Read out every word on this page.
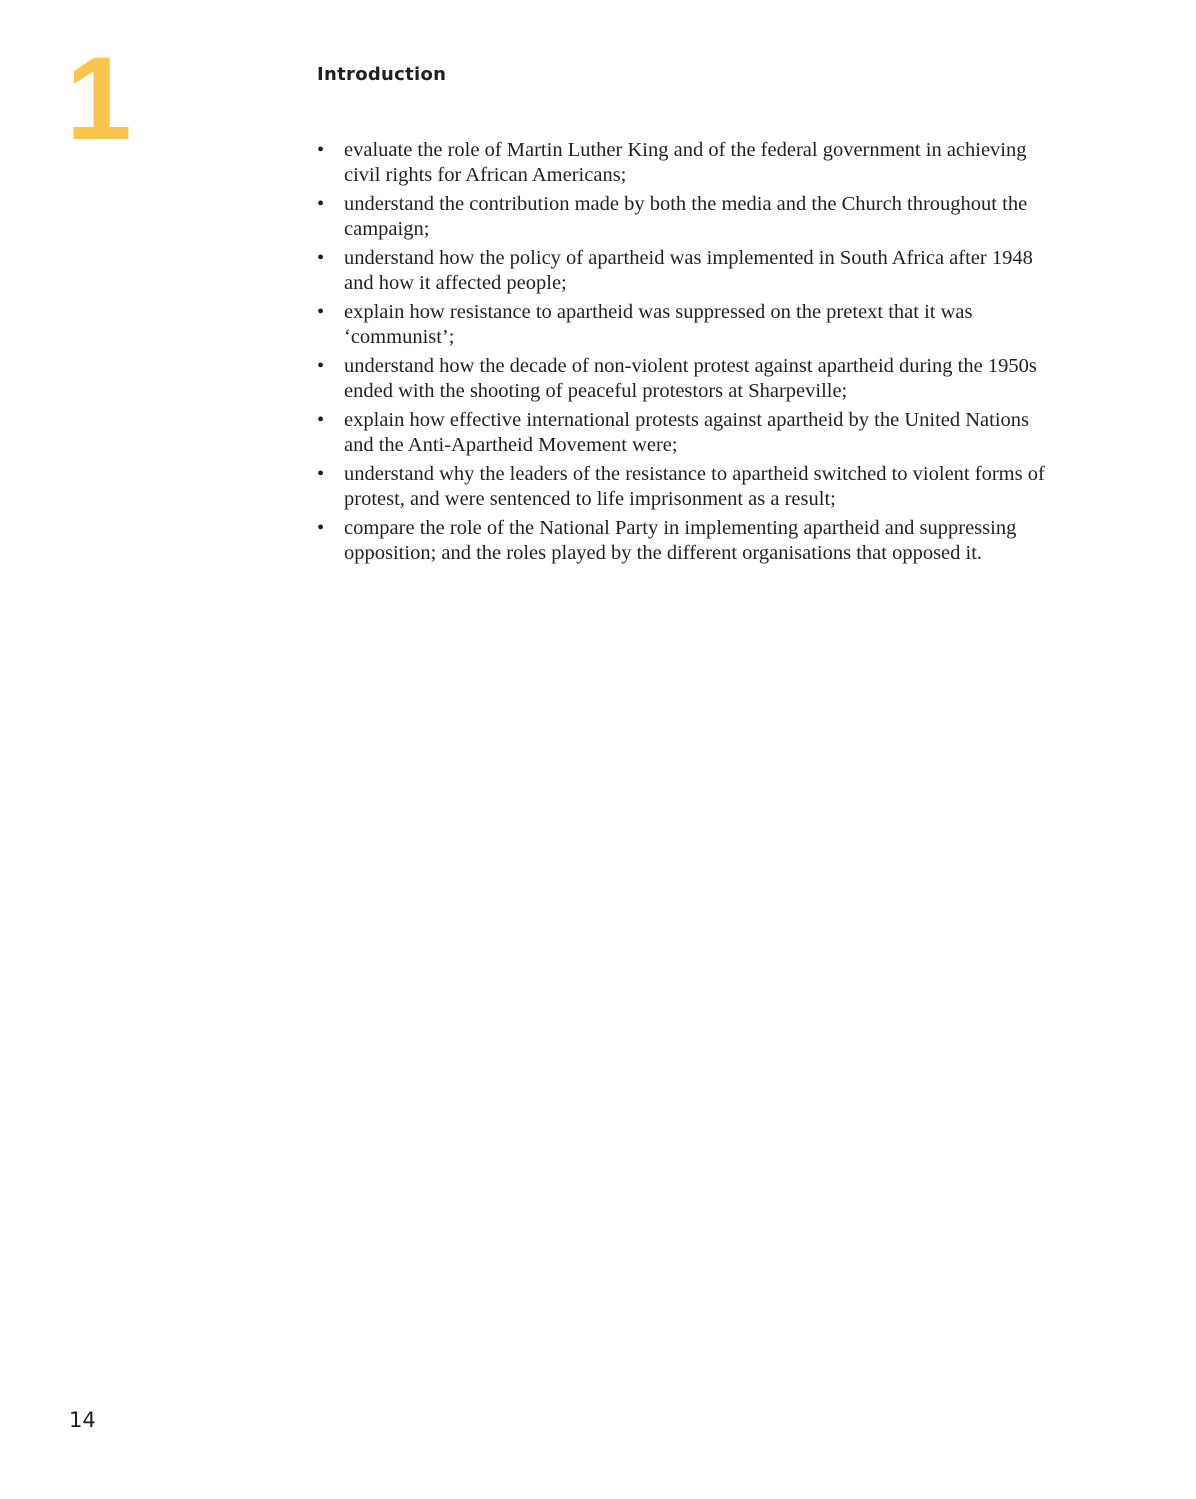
1	Introduction
• evaluate the role of Martin Luther King and of the federal government in achieving civil rights for African Americans;
• understand the contribution made by both the media and the Church throughout the campaign;
• understand how the policy of apartheid was implemented in South Africa after 1948 and how it affected people;
• explain how resistance to apartheid was suppressed on the pretext that it was ‘communist’;
• understand how the decade of non-violent protest against apartheid during the 1950s ended with the shooting of peaceful protestors at Sharpeville;
• explain how effective international protests against apartheid by the United Nations and the Anti-Apartheid Movement were;
• understand why the leaders of the resistance to apartheid switched to violent forms of protest, and were sentenced to life imprisonment as a result;
• compare the role of the National Party in implementing apartheid and suppressing opposition; and the roles played by the different organisations that opposed it.
14
